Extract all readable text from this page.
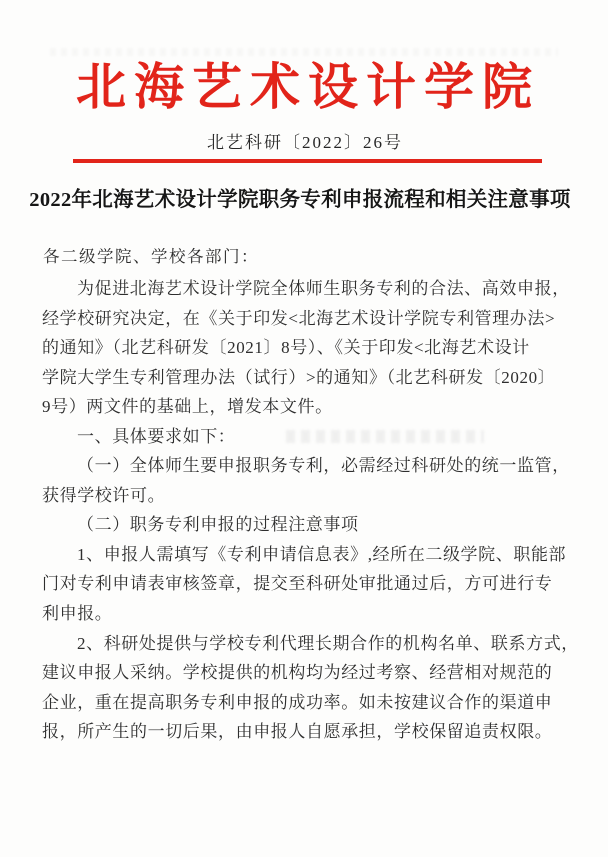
北海艺术设计学院
北艺科研〔2022〕26号
2022年北海艺术设计学院职务专利申报流程和相关注意事项
各二级学院、学校各部门：
为促进北海艺术设计学院全体师生职务专利的合法、高效申报，
经学校研究决定，在《关于印发<北海艺术设计学院专利管理办法>
的通知》（北艺科研发〔2021〕8号）、《关于印发<北海艺术设计
学院大学生专利管理办法（试行）>的通知》（北艺科研发〔2020〕
9号）两文件的基础上，增发本文件。
一、具体要求如下：
（一）全体师生要申报职务专利，必需经过科研处的统一监管，
获得学校许可。
（二）职务专利申报的过程注意事项
1、申报人需填写《专利申请信息表》,经所在二级学院、职能部
门对专利申请表审核签章，提交至科研处审批通过后，方可进行专
利申报。
2、科研处提供与学校专利代理长期合作的机构名单、联系方式，
建议申报人采纳。学校提供的机构均为经过考察、经营相对规范的
企业，重在提高职务专利申报的成功率。如未按建议合作的渠道申
报，所产生的一切后果，由申报人自愿承担，学校保留追责权限。
